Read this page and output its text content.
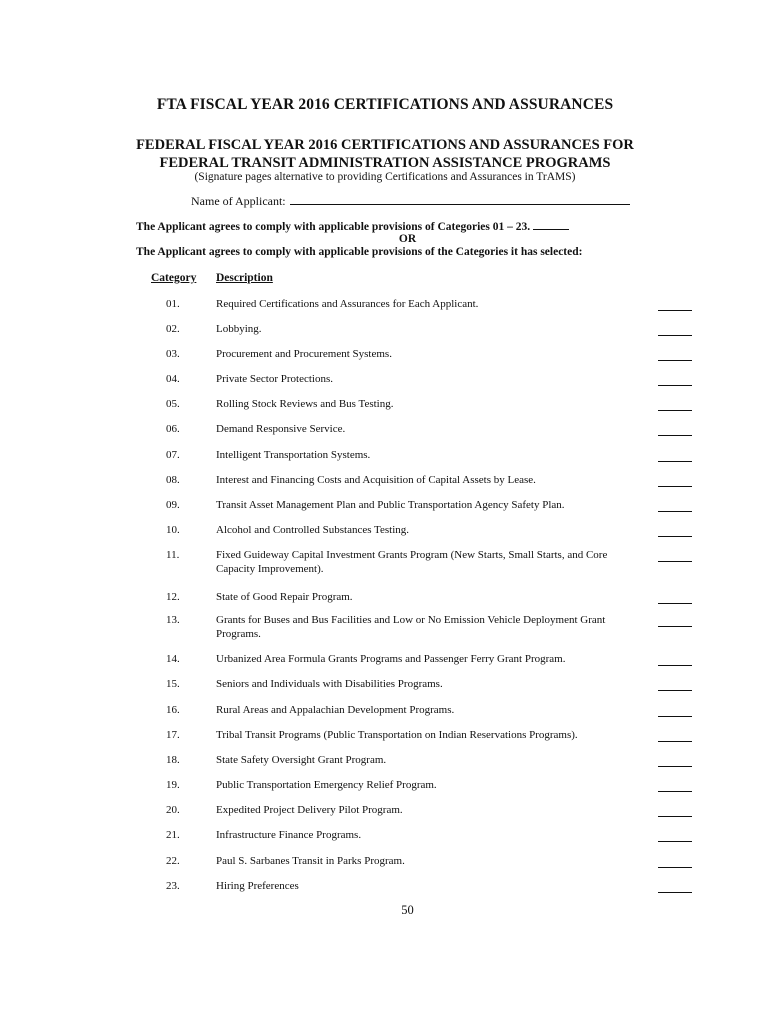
FTA FISCAL YEAR 2016 CERTIFICATIONS AND ASSURANCES
FEDERAL FISCAL YEAR 2016 CERTIFICATIONS AND ASSURANCES FOR
FEDERAL TRANSIT ADMINISTRATION ASSISTANCE PROGRAMS
(Signature pages alternative to providing Certifications and Assurances in TrAMS)
Name of Applicant:
The Applicant agrees to comply with applicable provisions of Categories 01 – 23.
OR
The Applicant agrees to comply with applicable provisions of the Categories it has selected:
Category Description
01.	Required Certifications and Assurances for Each Applicant.
02.	Lobbying.
03.	Procurement and Procurement Systems.
04.	Private Sector Protections.
05.	Rolling Stock Reviews and Bus Testing.
06.	Demand Responsive Service.
07.	Intelligent Transportation Systems.
08.	Interest and Financing Costs and Acquisition of Capital Assets by Lease.
09.	Transit Asset Management Plan and Public Transportation Agency Safety Plan.
10.	Alcohol and Controlled Substances Testing.
11.	Fixed Guideway Capital Investment Grants Program (New Starts, Small Starts, and Core Capacity Improvement).
12.	State of Good Repair Program.
13.	Grants for Buses and Bus Facilities and Low or No Emission Vehicle Deployment Grant Programs.
14.	Urbanized Area Formula Grants Programs and Passenger Ferry Grant Program.
15.	Seniors and Individuals with Disabilities Programs.
16.	Rural Areas and Appalachian Development Programs.
17.	Tribal Transit Programs (Public Transportation on Indian Reservations Programs).
18.	State Safety Oversight Grant Program.
19.	Public Transportation Emergency Relief Program.
20.	Expedited Project Delivery Pilot Program.
21.	Infrastructure Finance Programs.
22.	Paul S. Sarbanes Transit in Parks Program.
23.	Hiring Preferences
50
